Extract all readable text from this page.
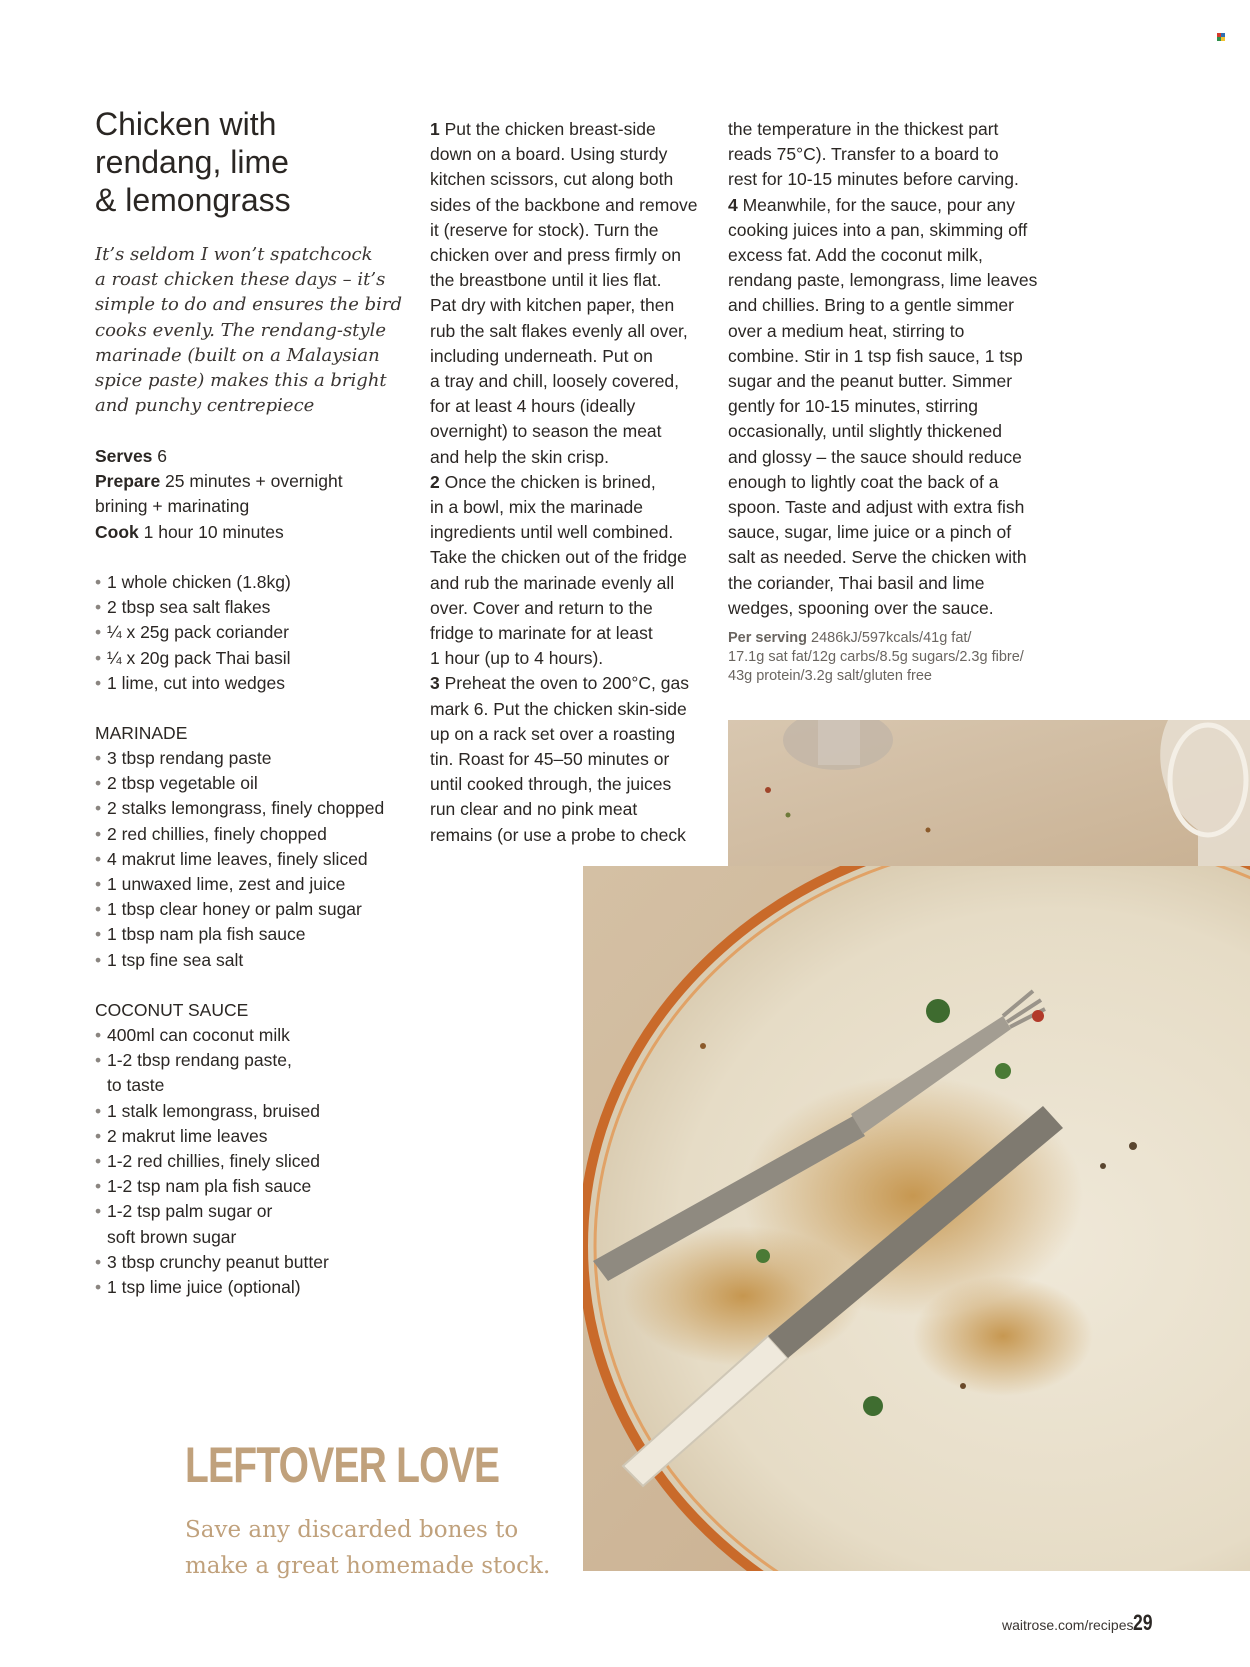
Chicken with
rendang, lime
& lemongrass
It’s seldom I won’t spatchcock
a roast chicken these days – it’s
simple to do and ensures the bird
cooks evenly. The rendang-style
marinade (built on a Malaysian
spice paste) makes this a bright
and punchy centrepiece
Serves 6
Prepare 25 minutes + overnight
brining + marinating
Cook 1 hour 10 minutes
• 1 whole chicken (1.8kg)
• 2 tbsp sea salt flakes
• ¼ x 25g pack coriander
• ¼ x 20g pack Thai basil
• 1 lime, cut into wedges
MARINADE
• 3 tbsp rendang paste
• 2 tbsp vegetable oil
• 2 stalks lemongrass, finely chopped
• 2 red chillies, finely chopped
• 4 makrut lime leaves, finely sliced
• 1 unwaxed lime, zest and juice
• 1 tbsp clear honey or palm sugar
• 1 tbsp nam pla fish sauce
• 1 tsp fine sea salt
COCONUT SAUCE
• 400ml can coconut milk
• 1-2 tbsp rendang paste,
to taste
• 1 stalk lemongrass, bruised
• 2 makrut lime leaves
• 1-2 red chillies, finely sliced
• 1-2 tsp nam pla fish sauce
• 1-2 tsp palm sugar or
soft brown sugar
• 3 tbsp crunchy peanut butter
• 1 tsp lime juice (optional)

1 Put the chicken breast-side

down on a board. Using sturdy

kitchen scissors, cut along both

sides of the backbone and remove

it (reserve for stock). Turn the

chicken over and press firmly on

the breastbone until it lies flat.

Pat dry with kitchen paper, then

rub the salt flakes evenly all over,

including underneath. Put on

a tray and chill, loosely covered,

for at least 4 hours (ideally

overnight) to season the meat

and help the skin crisp.

2 Once the chicken is brined,

in a bowl, mix the marinade

ingredients until well combined.

Take the chicken out of the fridge

and rub the marinade evenly all

over. Cover and return to the

fridge to marinate for at least

1 hour (up to 4 hours).

3 Preheat the oven to 200°C, gas

mark 6. Put the chicken skin-side

up on a rack set over a roasting

tin. Roast for 45–50 minutes or

until cooked through, the juices

run clear and no pink meat

remains (or use a probe to check

the temperature in the thickest part

reads 75°C). Transfer to a board to

rest for 10-15 minutes before carving.

4 Meanwhile, for the sauce, pour any

cooking juices into a pan, skimming off

excess fat. Add the coconut milk,

rendang paste, lemongrass, lime leaves

and chillies. Bring to a gentle simmer

over a medium heat, stirring to

combine. Stir in 1 tsp fish sauce, 1 tsp

sugar and the peanut butter. Simmer

gently for 10-15 minutes, stirring

occasionally, until slightly thickened

and glossy – the sauce should reduce

enough to lightly coat the back of a

spoon. Taste and adjust with extra fish

sauce, sugar, lime juice or a pinch of

salt as needed. Serve the chicken with

the coriander, Thai basil and lime

wedges, spooning over the sauce.

Per serving 2486kJ/597kcals/41g fat/
17.1g sat fat/12g carbs/8.5g sugars/2.3g fibre/
43g protein/3.2g salt/gluten free
LEFTOVER LOVE
Save any discarded bones to
make a great homemade stock.
waitrose.com/recipes 29
